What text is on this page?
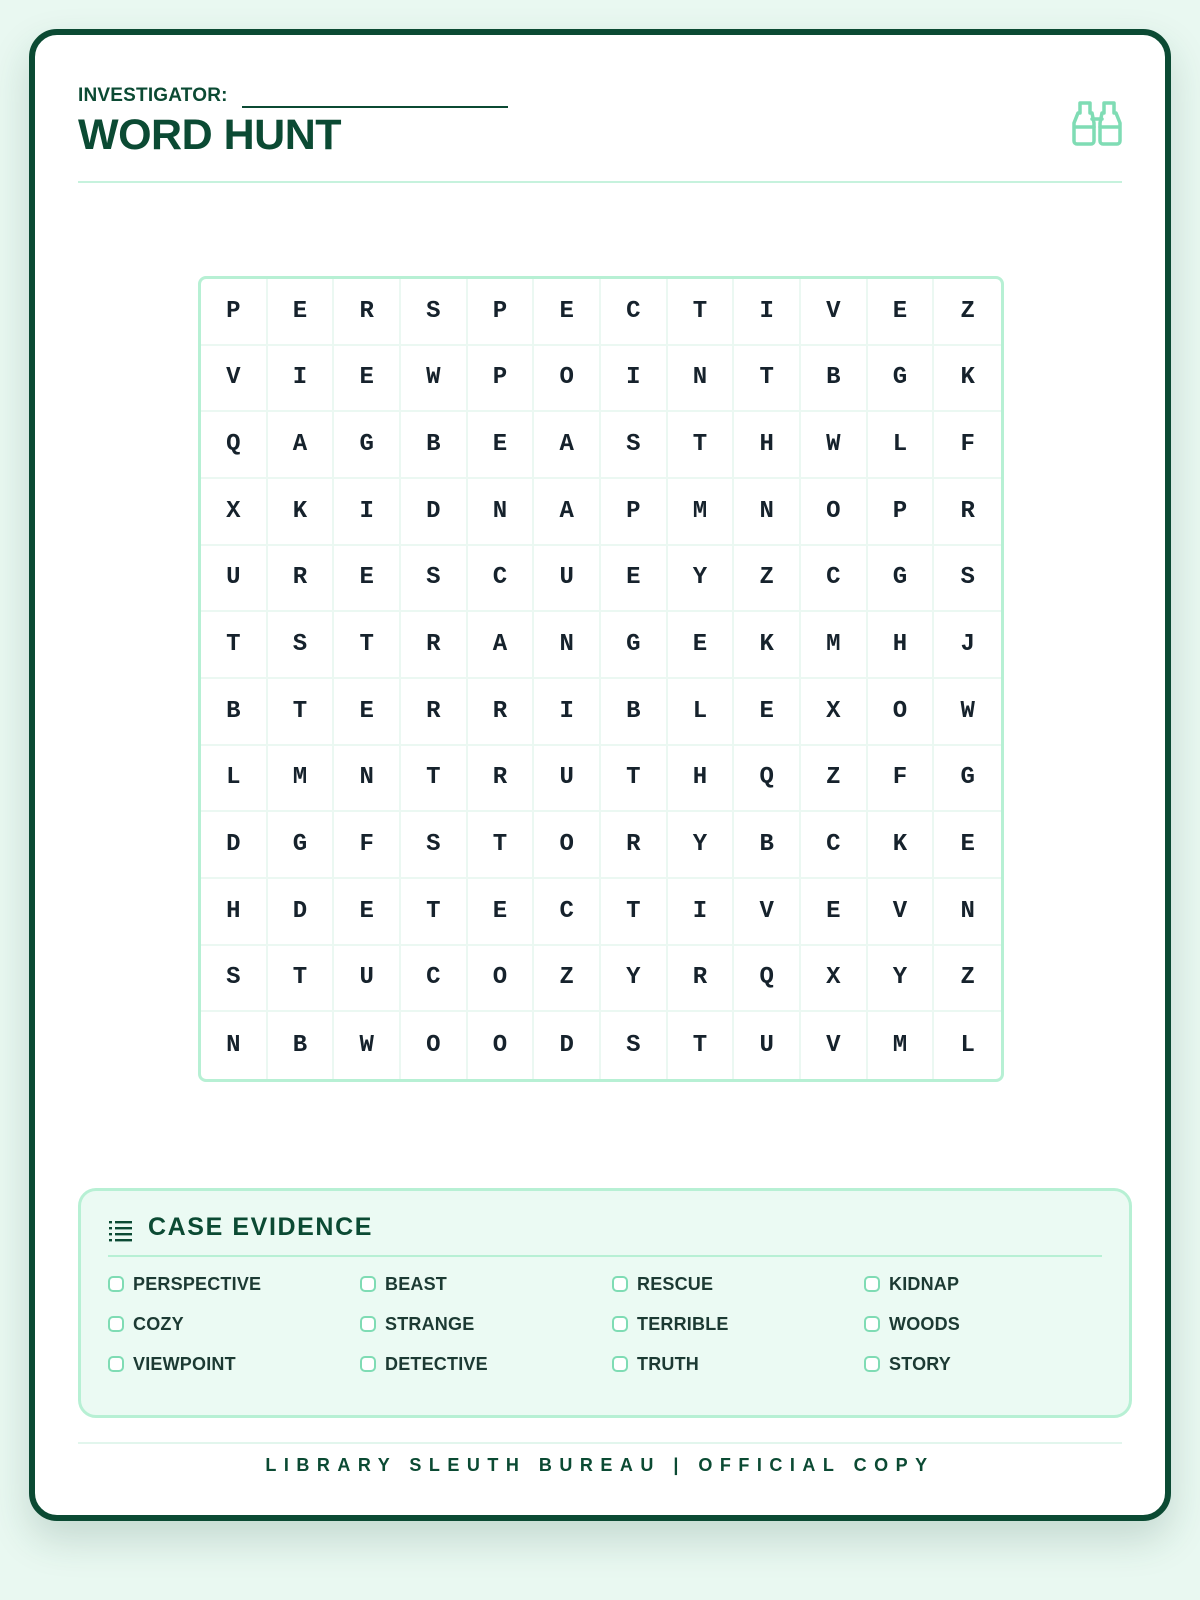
INVESTIGATOR:
WORD HUNT
P	E	R	S	P	E	C	T	I	V	E	Z
V	I	E	W	P	O	I	N	T	B	G	K
Q	A	G	B	E	A	S	T	H	W	L	F
X	K	I	D	N	A	P	M	N	O	P	R
U	R	E	S	C	U	E	Y	Z	C	G	S
T	S	T	R	A	N	G	E	K	M	H	J
B	T	E	R	R	I	B	L	E	X	O	W
L	M	N	T	R	U	T	H	Q	Z	F	G
D	G	F	S	T	O	R	Y	B	C	K	E
H	D	E	T	E	C	T	I	V	E	V	N
S	T	U	C	O	Z	Y	R	Q	X	Y	Z
N	B	W	O	O	D	S	T	U	V	M	L
CASE EVIDENCE
PERSPECTIVE	BEAST	RESCUE	KIDNAP
COZY	STRANGE	TERRIBLE	WOODS
VIEWPOINT	DETECTIVE	TRUTH	STORY
LIBRARY SLEUTH BUREAU | OFFICIAL COPY
